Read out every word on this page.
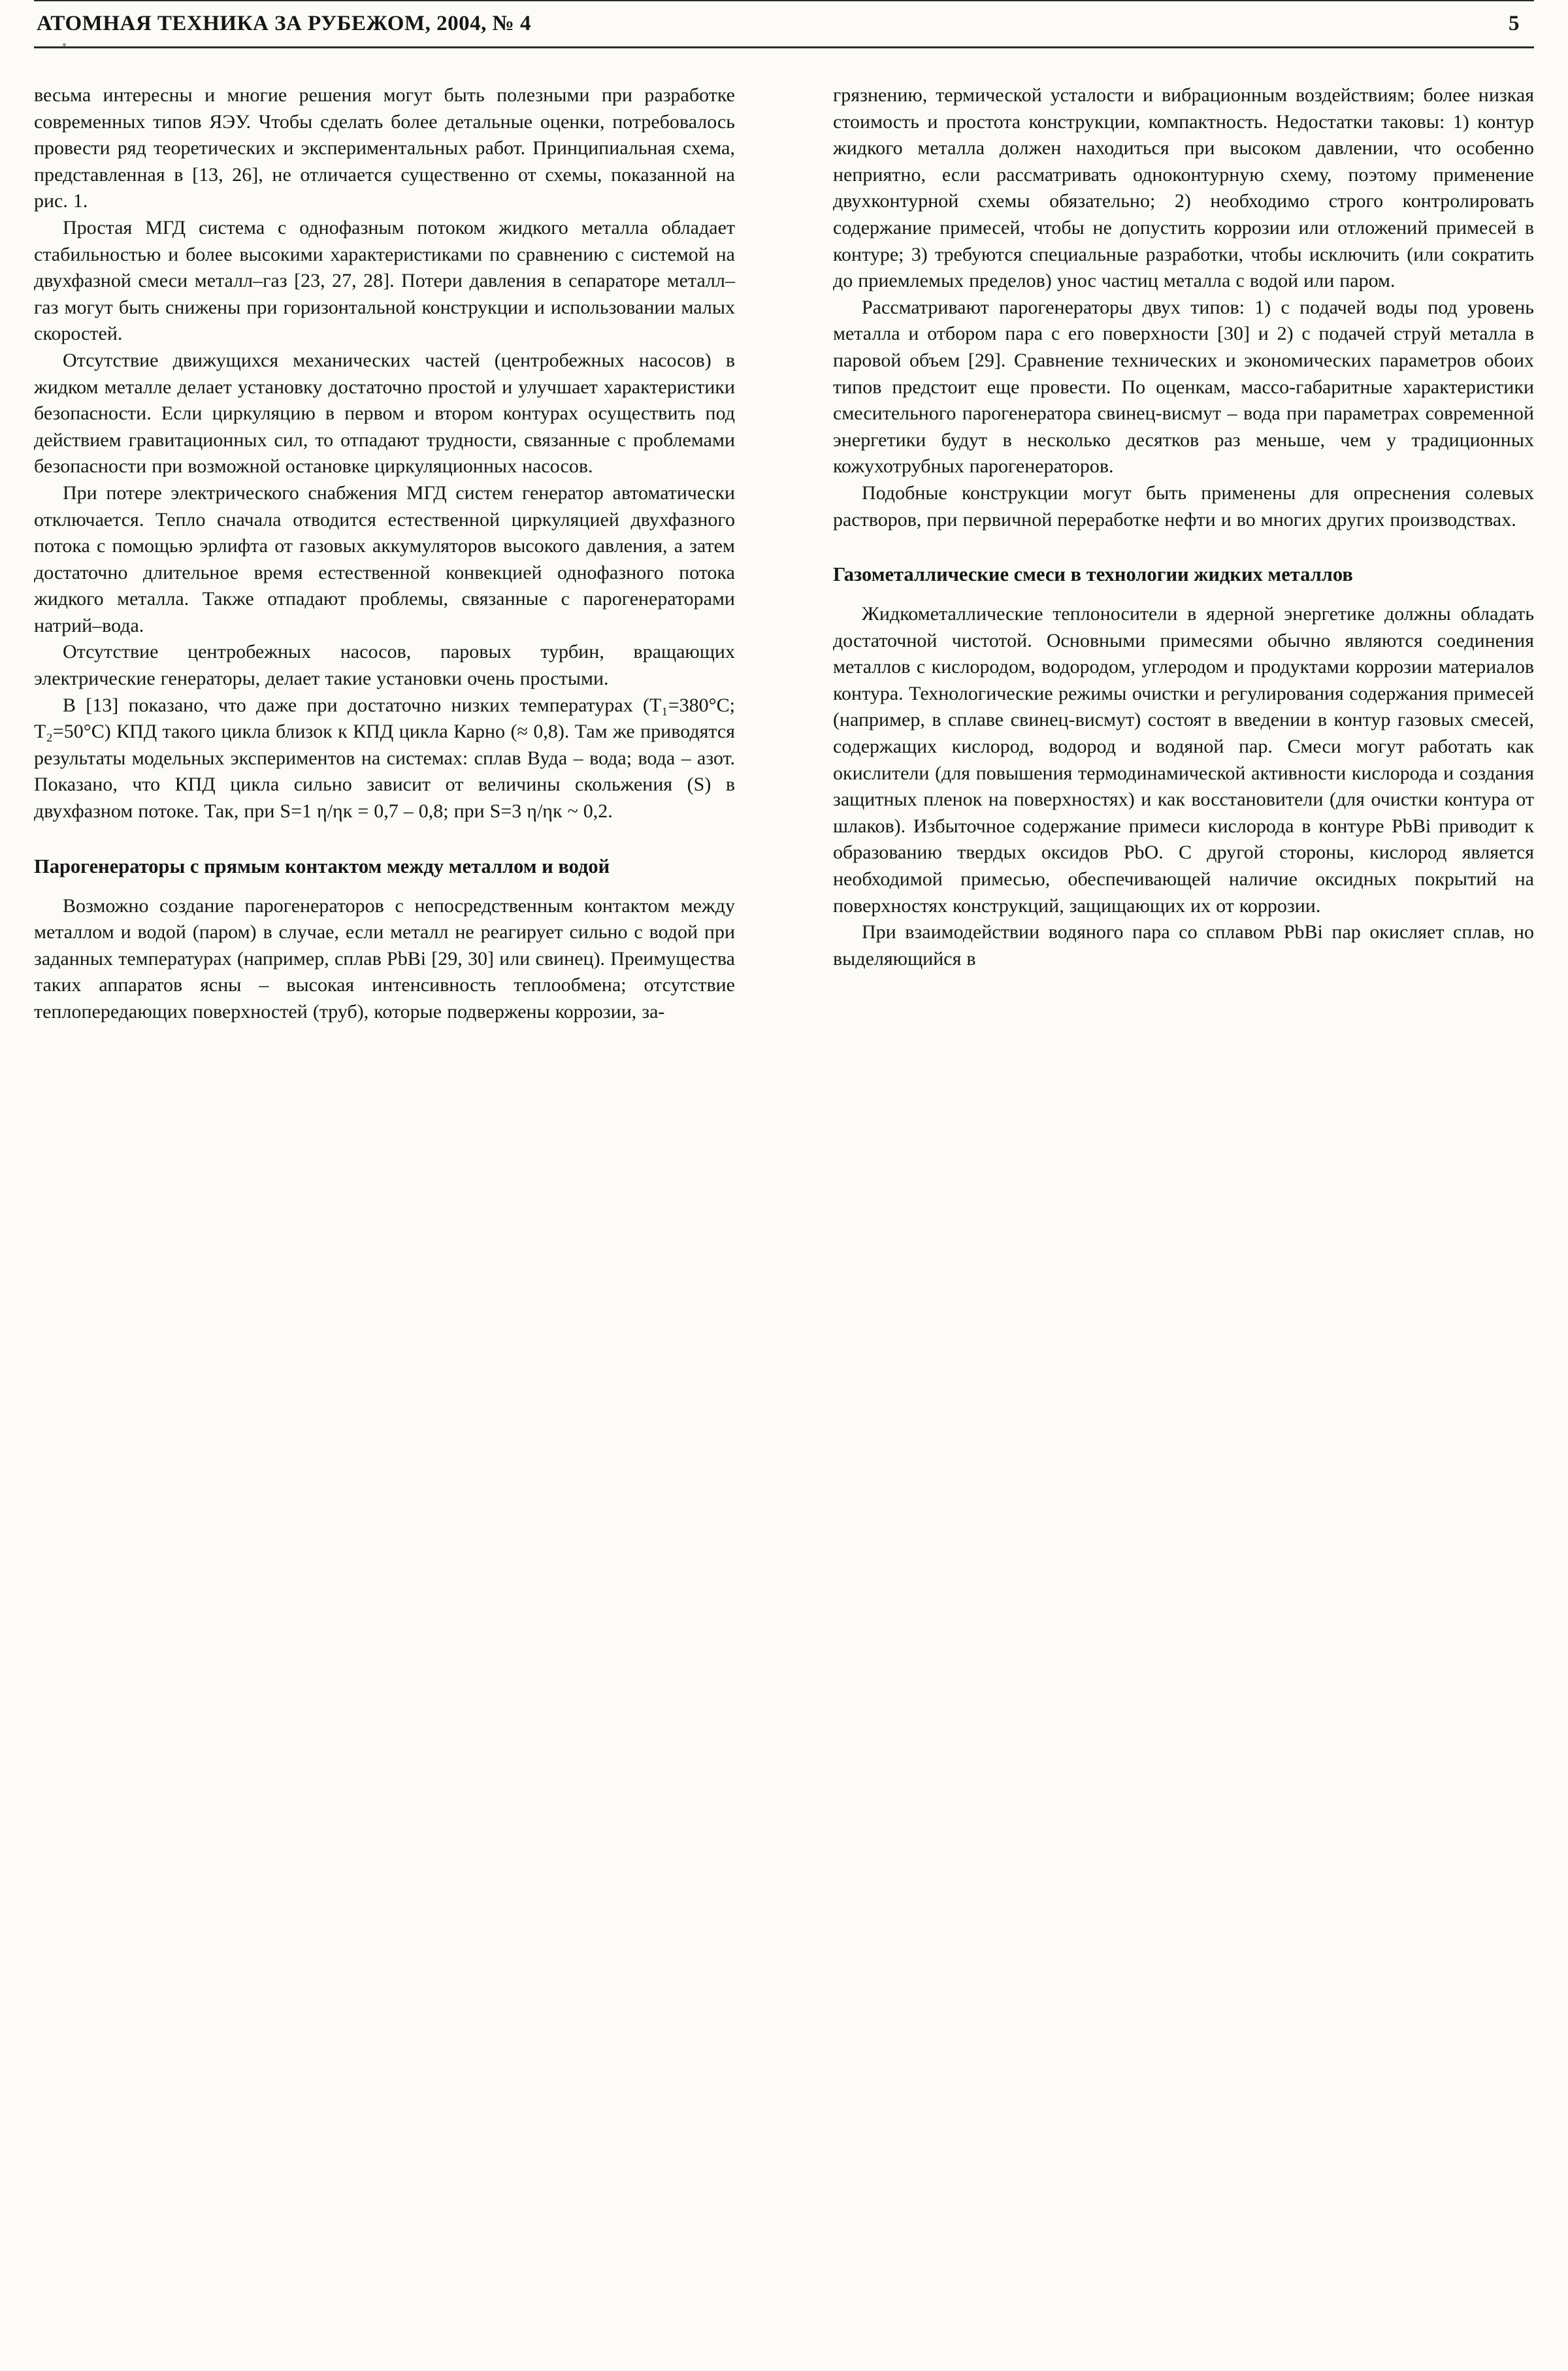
АТОМНАЯ ТЕХНИКА ЗА РУБЕЖОМ, 2004, № 4	5

весьма интересны и многие решения могут быть полезными при разработке современных типов ЯЭУ. Чтобы сделать более детальные оценки, потребовалось провести ряд теоретических и экспериментальных работ. Принципиальная схема, представленная в [13, 26], не отличается существенно от схемы, показанной на рис. 1.

Простая МГД система с однофазным потоком жидкого металла обладает стабильностью и более высокими характеристиками по сравнению с системой на двухфазной смеси металл–газ [23, 27, 28]. Потери давления в сепараторе металл–газ могут быть снижены при горизонтальной конструкции и использовании малых скоростей.

Отсутствие движущихся механических частей (центробежных насосов) в жидком металле делает установку достаточно простой и улучшает характеристики безопасности. Если циркуляцию в первом и втором контурах осуществить под действием гравитационных сил, то отпадают трудности, связанные с проблемами безопасности при возможной остановке циркуляционных насосов.

При потере электрического снабжения МГД систем генератор автоматически отключается. Тепло сначала отводится естественной циркуляцией двухфазного потока с помощью эрлифта от газовых аккумуляторов высокого давления, а затем достаточно длительное время естественной конвекцией однофазного потока жидкого металла. Также отпадают проблемы, связанные с парогенераторами натрий–вода.

Отсутствие центробежных насосов, паровых турбин, вращающих электрические генераторы, делает такие установки очень простыми.

В [13] показано, что даже при достаточно низких температурах (Т₁=380°С; Т₂=50°С) КПД такого цикла близок к КПД цикла Карно (≈ 0,8). Там же приводятся результаты модельных экспериментов на системах: сплав Вуда – вода; вода – азот. Показано, что КПД цикла сильно зависит от величины скольжения (S) в двухфазном потоке. Так, при S=1 η/ηк = 0,7 – 0,8; при S=3 η/ηк ~ 0,2.

Парогенераторы с прямым контактом между металлом и водой

Возможно создание парогенераторов с непосредственным контактом между металлом и водой (паром) в случае, если металл не реагирует сильно с водой при заданных температурах (например, сплав PbBi [29, 30] или свинец). Преимущества таких аппаратов ясны – высокая интенсивность теплообмена; отсутствие теплопередающих поверхностей (труб), которые подвержены коррозии, за-

грязнению, термической усталости и вибрационным воздействиям; более низкая стоимость и простота конструкции, компактность. Недостатки таковы: 1) контур жидкого металла должен находиться при высоком давлении, что особенно неприятно, если рассматривать одноконтурную схему, поэтому применение двухконтурной схемы обязательно; 2) необходимо строго контролировать содержание примесей, чтобы не допустить коррозии или отложений примесей в контуре; 3) требуются специальные разработки, чтобы исключить (или сократить до приемлемых пределов) унос частиц металла с водой или паром.

Рассматривают парогенераторы двух типов: 1) с подачей воды под уровень металла и отбором пара с его поверхности [30] и 2) с подачей струй металла в паровой объем [29]. Сравнение технических и экономических параметров обоих типов предстоит еще провести. По оценкам, массо-габаритные характеристики смесительного парогенератора свинец-висмут – вода при параметрах современной энергетики будут в несколько десятков раз меньше, чем у традиционных кожухотрубных парогенераторов.

Подобные конструкции могут быть применены для опреснения солевых растворов, при первичной переработке нефти и во многих других производствах.

Газометаллические смеси в технологии жидких металлов

Жидкометаллические теплоносители в ядерной энергетике должны обладать достаточной чистотой. Основными примесями обычно являются соединения металлов с кислородом, водородом, углеродом и продуктами коррозии материалов контура. Технологические режимы очистки и регулирования содержания примесей (например, в сплаве свинец-висмут) состоят в введении в контур газовых смесей, содержащих кислород, водород и водяной пар. Смеси могут работать как окислители (для повышения термодинамической активности кислорода и создания защитных пленок на поверхностях) и как восстановители (для очистки контура от шлаков). Избыточное содержание примеси кислорода в контуре PbBi приводит к образованию твердых оксидов PbO. С другой стороны, кислород является необходимой примесью, обеспечивающей наличие оксидных покрытий на поверхностях конструкций, защищающих их от коррозии.

При взаимодействии водяного пара со сплавом PbBi пар окисляет сплав, но выделяющийся в
